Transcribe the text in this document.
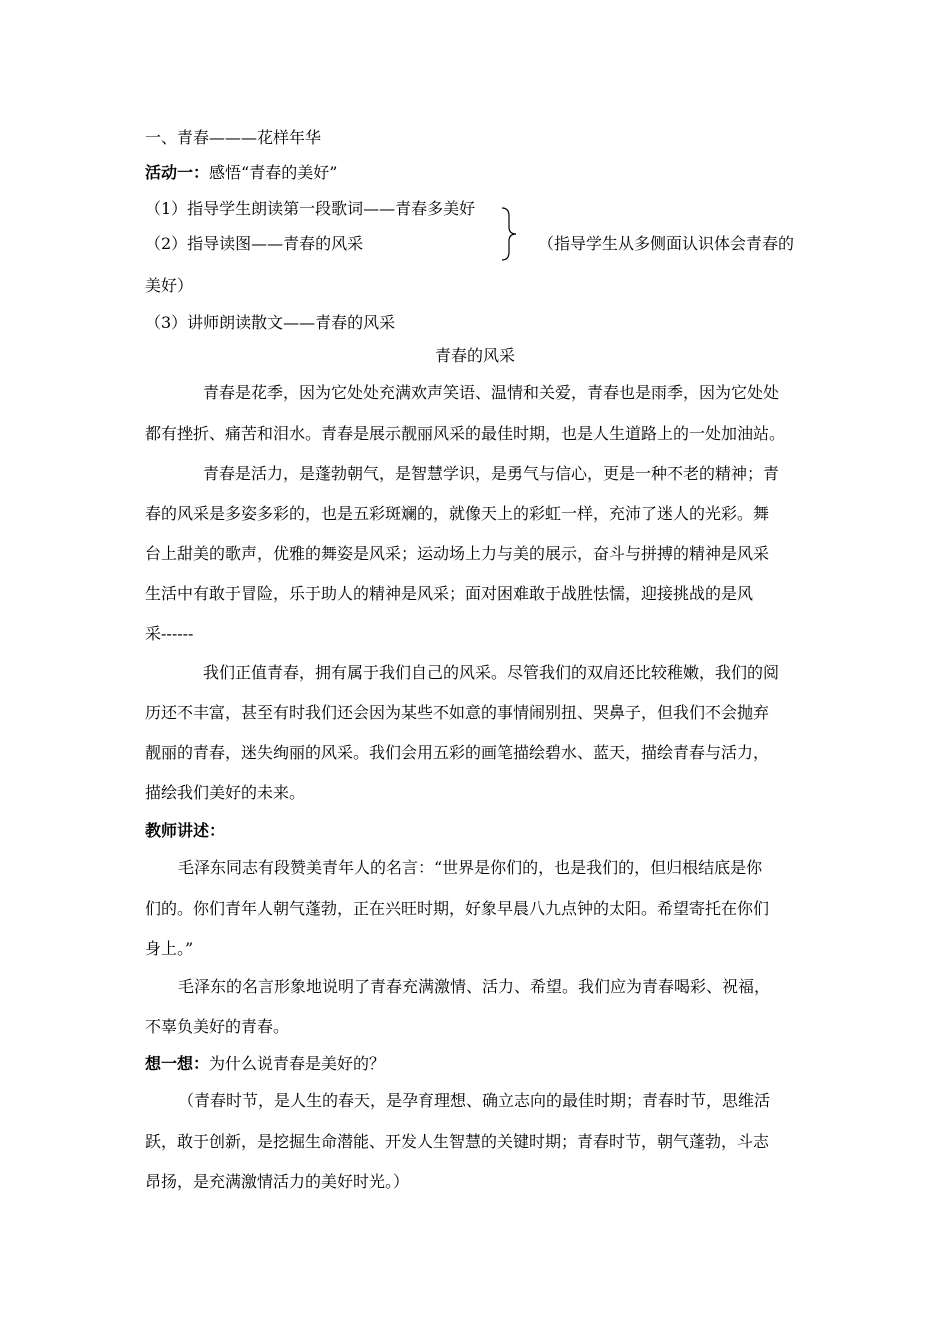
一、青春———花样年华
活动一：感悟“青春的美好”
（1）指导学生朗读第一段歌词——青春多美好
（2）指导读图——青春的风采	（指导学生从多侧面认识体会青春的
美好）
（3）讲师朗读散文——青春的风采
青春的风采
青春是花季，因为它处处充满欢声笑语、温情和关爱，青春也是雨季，因为它处处
都有挫折、痛苦和泪水。青春是展示靓丽风采的最佳时期，也是人生道路上的一处加油站。
青春是活力，是蓬勃朝气，是智慧学识，是勇气与信心，更是一种不老的精神；青
春的风采是多姿多彩的，也是五彩斑斓的，就像天上的彩虹一样，充沛了迷人的光彩。舞
台上甜美的歌声，优雅的舞姿是风采；运动场上力与美的展示，奋斗与拼搏的精神是风采
生活中有敢于冒险，乐于助人的精神是风采；面对困难敢于战胜怯懦，迎接挑战的是风
采------
我们正值青春，拥有属于我们自己的风采。尽管我们的双肩还比较稚嫩，我们的阅
历还不丰富，甚至有时我们还会因为某些不如意的事情闹别扭、哭鼻子，但我们不会抛弃
靓丽的青春，迷失绚丽的风采。我们会用五彩的画笔描绘碧水、蓝天，描绘青春与活力，
描绘我们美好的未来。
教师讲述：
毛泽东同志有段赞美青年人的名言：“世界是你们的，也是我们的，但归根结底是你
们的。你们青年人朝气蓬勃，正在兴旺时期，好象早晨八九点钟的太阳。希望寄托在你们
身上。”
毛泽东的名言形象地说明了青春充满激情、活力、希望。我们应为青春喝彩、祝福，
不辜负美好的青春。
想一想：为什么说青春是美好的？
（青春时节，是人生的春天，是孕育理想、确立志向的最佳时期；青春时节，思维活
跃，敢于创新，是挖掘生命潜能、开发人生智慧的关键时期；青春时节，朝气蓬勃，斗志
昂扬，是充满激情活力的美好时光。）
